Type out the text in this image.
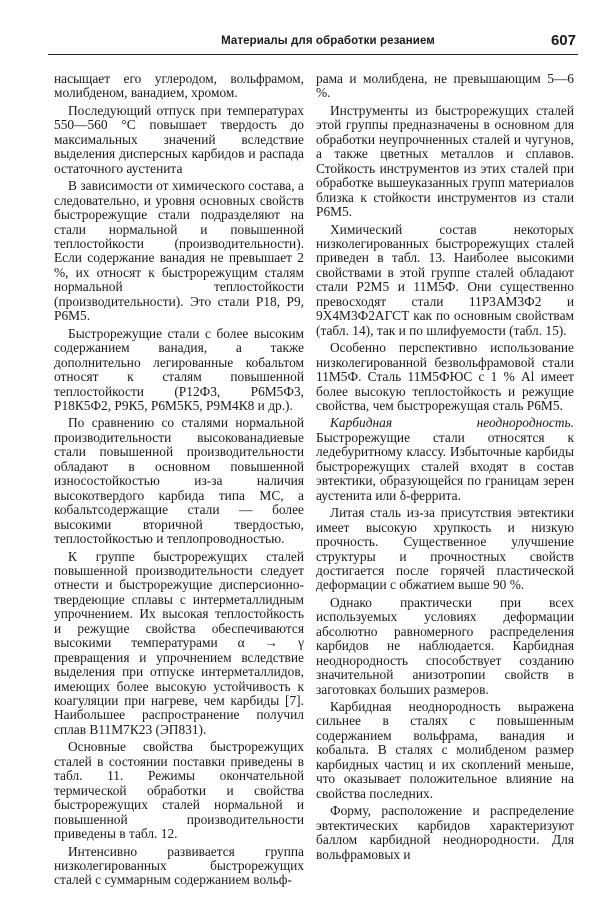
Материалы для обработки резанием	607

насыщает его углеродом, вольфрамом, молибденом, ванадием, хромом.

Последующий отпуск при температурах 550—560 °С повышает твердость до максимальных значений вследствие выделения дисперсных карбидов и распада остаточного аустенита

В зависимости от химического состава, а следовательно, и уровня основных свойств быстрорежущие стали подразделяют на стали нормальной и повышенной теплостойкости (производительности). Если содержание ванадия не превышает 2 %, их относят к быстрорежущим сталям нормальной теплостойкости (производительности). Это стали Р18, Р9, Р6М5.

Быстрорежущие стали с более высоким содержанием ванадия, а также дополнительно легированные кобальтом относят к сталям повышенной теплостойкости (Р12Ф3, Р6М5Ф3, Р18К5Ф2, Р9К5, Р6М5К5, Р9М4К8 и др.).

По сравнению со сталями нормальной производительности высокованадиевые стали повышенной производительности обладают в основном повышенной износостойкостью из-за наличия высокотвердого карбида типа МС, а кобальтсодержащие стали — более высокими вторичной твердостью, теплостойкостью и теплопроводностью.

К группе быстрорежущих сталей повышенной производительности следует отнести и быстрорежущие дисперсионно-твердеющие сплавы с интерметаллидным упрочнением. Их высокая теплостойкость и режущие свойства обеспечиваются высокими температурами α → γ превращения и упрочнением вследствие выделения при отпуске интерметаллидов, имеющих более высокую устойчивость к коагуляции при нагреве, чем карбиды [7]. Наибольшее распространение получил сплав В11М7К23 (ЭП831).

Основные свойства быстрорежущих сталей в состоянии поставки приведены в табл. 11. Режимы окончательной термической обработки и свойства быстрорежущих сталей нормальной и повышенной производительности приведены в табл. 12.

Интенсивно развивается группа низколегированных быстрорежущих сталей с суммарным содержанием вольф-

рама и молибдена, не превышающим 5—6 %.

Инструменты из быстрорежущих сталей этой группы предназначены в основном для обработки неупрочненных сталей и чугунов, а также цветных металлов и сплавов. Стойкость инструментов из этих сталей при обработке вышеуказанных групп материалов близка к стойкости инструментов из стали Р6М5.

Химический состав некоторых низколегированных быстрорежущих сталей приведен в табл. 13. Наиболее высокими свойствами в этой группе сталей обладают стали Р2М5 и 11М5Ф. Они существенно превосходят стали 11Р3АМ3Ф2 и 9Х4М3Ф2АГСТ как по основным свойствам (табл. 14), так и по шлифуемости (табл. 15).

Особенно перспективно использование низколегированной безвольфрамовой стали 11М5Ф. Сталь 11М5ФЮС с 1 % Al имеет более высокую теплостойкость и режущие свойства, чем быстрорежущая сталь Р6М5.

Карбидная неоднородность. Быстрорежущие стали относятся к ледебуритному классу. Избыточные карбиды быстрорежущих сталей входят в состав эвтектики, образующейся по границам зерен аустенита или δ-феррита.

Литая сталь из-за присутствия эвтектики имеет высокую хрупкость и низкую прочность. Существенное улучшение структуры и прочностных свойств достигается после горячей пластической деформации с обжатием выше 90 %.

Однако практически при всех используемых условиях деформации абсолютно равномерного распределения карбидов не наблюдается. Карбидная неоднородность способствует созданию значительной анизотропии свойств в заготовках больших размеров.

Карбидная неоднородность выражена сильнее в сталях с повышенным содержанием вольфрама, ванадия и кобальта. В сталях с молибденом размер карбидных частиц и их скоплений меньше, что оказывает положительное влияние на свойства последних.

Форму, расположение и распределение эвтектических карбидов характеризуют баллом карбидной неоднородности. Для вольфрамовых и
